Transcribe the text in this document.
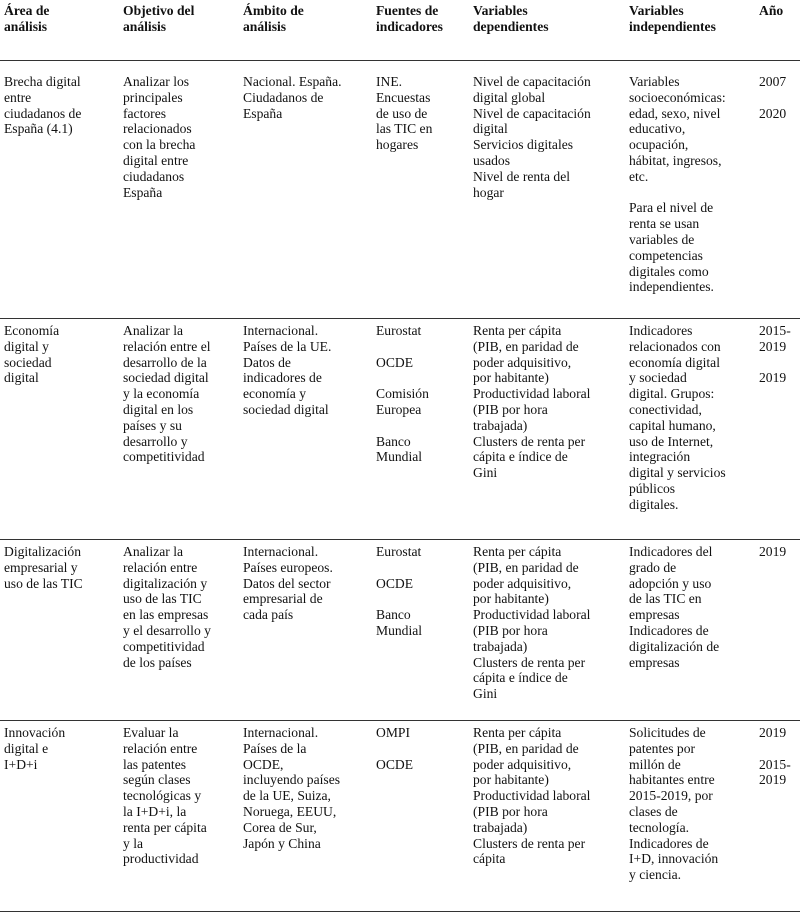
Área de
análisis
Objetivo del
análisis
Ámbito de
análisis
Fuentes de
indicadores
Variables
dependientes
Variables
independientes
Año
Brecha digital
entre
ciudadanos de
España (4.1)
Analizar los
principales
factores
relacionados
con la brecha
digital entre
ciudadanos
España
Nacional. España.
Ciudadanos de
España
INE.
Encuestas
de uso de
las TIC en
hogares
Nivel de capacitación
digital global
Nivel de capacitación
digital
Servicios digitales
usados
Nivel de renta del
hogar
Variables
socioeconómicas:
edad, sexo, nivel
educativo,
ocupación,
hábitat, ingresos,
etc.
Para el nivel de
renta se usan
variables de
competencias
digitales como
independientes.
2007
2020
Economía
digital y
sociedad
digital
Analizar la
relación entre el
desarrollo de la
sociedad digital
y la economía
digital en los
países y su
desarrollo y
competitividad
Internacional.
Países de la UE.
Datos de
indicadores de
economía y
sociedad digital
Eurostat
OCDE
Comisión
Europea
Banco
Mundial
Renta per cápita
(PIB, en paridad de
poder adquisitivo,
por habitante)
Productividad laboral
(PIB por hora
trabajada)
Clusters de renta per
cápita e índice de
Gini
Indicadores
relacionados con
economía digital
y sociedad
digital. Grupos:
conectividad,
capital humano,
uso de Internet,
integración
digital y servicios
públicos
digitales.
2015-
2019
2019
Digitalización
empresarial y
uso de las TIC
Analizar la
relación entre
digitalización y
uso de las TIC
en las empresas
y el desarrollo y
competitividad
de los países
Internacional.
Países europeos.
Datos del sector
empresarial de
cada país
Eurostat
OCDE
Banco
Mundial
Renta per cápita
(PIB, en paridad de
poder adquisitivo,
por habitante)
Productividad laboral
(PIB por hora
trabajada)
Clusters de renta per
cápita e índice de
Gini
Indicadores del
grado de
adopción y uso
de las TIC en
empresas
Indicadores de
digitalización de
empresas
2019
Innovación
digital e
I+D+i
Evaluar la
relación entre
las patentes
según clases
tecnológicas y
la I+D+i, la
renta per cápita
y la
productividad
Internacional.
Países de la
OCDE,
incluyendo países
de la UE, Suiza,
Noruega, EEUU,
Corea de Sur,
Japón y China
OMPI
OCDE
Renta per cápita
(PIB, en paridad de
poder adquisitivo,
por habitante)
Productividad laboral
(PIB por hora
trabajada)
Clusters de renta per
cápita
Solicitudes de
patentes por
millón de
habitantes entre
2015-2019, por
clases de
tecnología.
Indicadores de
I+D, innovación
y ciencia.
2019
2015-
2019
